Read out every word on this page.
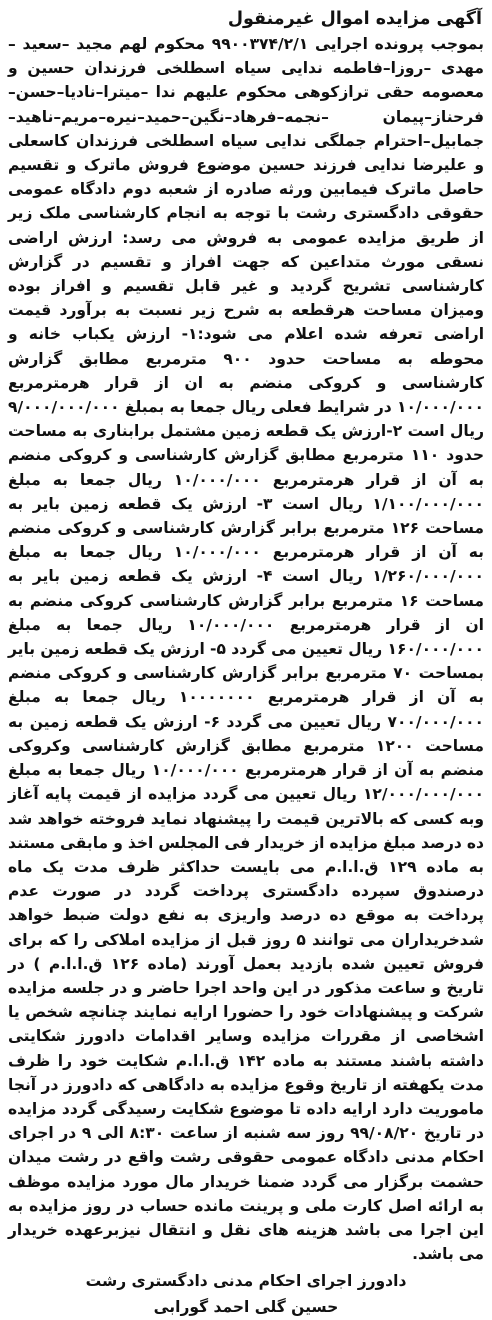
آگهی مزایده اموال غیرمنقول
بموجب پرونده اجرایی ۹۹۰۰۳۷۴/۲/۱ محکوم لهم مجید –سعید –مهدی –روزا–فاطمه ندایی سیاه اسطلخی فرزندان حسین و معصومه حقی ترازکوهی محکوم علیهم ندا –میترا–نادیا–حسن–فرحناز–پیمان –نجمه–فرهاد–نگین–حمید–نیره–مریم–ناهید–جمابیل–احترام جملگی ندایی سیاه اسطلخی فرزندان کاسعلی و علیرضا ندایی فرزند حسین موضوع فروش ماترک و تقسیم حاصل ماترک فیمابین ورثه صادره از شعبه دوم دادگاه عمومی حقوقی دادگستری رشت با توجه به انجام کارشناسی ملک زیر از طریق مزایده عمومی به فروش می رسد: ارزش اراضی نسقی مورث متداعین که جهت افراز و تقسیم در گزارش کارشناسی تشریح گردید و غیر قابل تقسیم و افراز بوده ومیزان مساحت هرقطعه به شرح زیر نسبت به برآورد قیمت اراضی تعرفه شده اعلام می شود:۱- ارزش یکباب خانه و محوطه به مساحت حدود ۹۰۰ مترمربع مطابق گزارش کارشناسی و کروکی منضم به ان از قرار هرمترمربع ۱۰/۰۰۰/۰۰۰ در شرایط فعلی ریال جمعا به بمبلغ ۹/۰۰۰/۰۰۰/۰۰۰ ریال است ۲-ارزش یک قطعه زمین مشتمل برابناری به مساحت حدود ۱۱۰ مترمربع مطابق گزارش کارشناسی و کروکی منضم به آن از قرار هرمترمربع ۱۰/۰۰۰/۰۰۰ ریال جمعا به مبلغ ۱/۱۰۰/۰۰۰/۰۰۰ ریال است ۳- ارزش یک قطعه زمین بایر به مساحت ۱۲۶ مترمربع برابر گزارش کارشناسی و کروکی منضم به آن از قرار هرمترمربع ۱۰/۰۰۰/۰۰۰ ریال جمعا به مبلغ ۱/۲۶۰/۰۰۰/۰۰۰ ریال است ۴- ارزش یک قطعه زمین بایر به مساحت ۱۶ مترمربع برابر گزارش کارشناسی کروکی منضم به ان از قرار هرمترمربع ۱۰/۰۰۰/۰۰۰ ریال جمعا به مبلغ ۱۶۰/۰۰۰/۰۰۰ ریال تعیین می گردد ۵- ارزش یک قطعه زمین بایر بمساحت ۷۰ مترمربع برابر گزارش کارشناسی و کروکی منضم به آن از قرار هرمترمربع ۱۰۰۰۰۰۰۰ ریال جمعا به مبلغ ۷۰۰/۰۰۰/۰۰۰ ریال تعیین می گردد ۶- ارزش یک قطعه زمین به مساحت ۱۲۰۰ مترمربع مطابق گزارش کارشناسی وکروکی منضم به آن از قرار هرمترمربع ۱۰/۰۰۰/۰۰۰ ریال جمعا به مبلغ ۱۲/۰۰۰/۰۰۰/۰۰۰ ریال تعیین می گردد مزایده از قیمت پایه آغاز وبه کسی که بالاترین قیمت را پیشنهاد نماید فروخته خواهد شد ده درصد مبلغ مزایده از خریدار فی المجلس اخذ و مابقی مستند به ماده ۱۲۹ ق.ا.ا.م می بایست حداکثر ظرف مدت یک ماه درصندوق سپرده دادگستری پرداخت گردد در صورت عدم پرداخت به موقع ده درصد واریزی به نفع دولت ضبط خواهد شدخریداران می توانند ۵ روز قبل از مزایده املاکی را که برای فروش تعیین شده بازدید بعمل آورند (ماده ۱۲۶ ق.ا.ا.م ) در تاریخ و ساعت مذکور در این واحد اجرا حاضر و در جلسه مزایده شرکت و پیشنهادات خود را حضورا ارایه نمایند چنانچه شخص یا اشخاصی از مقررات مزایده وسایر اقدامات دادورز شکایتی داشته باشند مستند به ماده ۱۴۲ ق.ا.ا.م شکایت خود را ظرف مدت یکهفته از تاریخ وقوع مزایده به دادگاهی که دادورز در آنجا ماموریت دارد ارایه داده تا موضوع شکایت رسیدگی گردد مزایده در تاریخ ۹۹/۰۸/۲۰ روز سه شنبه از ساعت ۸:۳۰ الی ۹ در اجرای احکام مدنی دادگاه عمومی حقوقی رشت واقع در رشت میدان حشمت برگزار می گردد ضمنا خریدار مال مورد مزایده موظف به ارائه اصل کارت ملی و پرینت مانده حساب در روز مزایده به این اجرا می باشد هزینه های نقل و انتقال نیزبرعهده خریدار می باشد.
دادورز اجرای احکام مدنی دادگستری رشت
حسین گلی احمد گورابی
